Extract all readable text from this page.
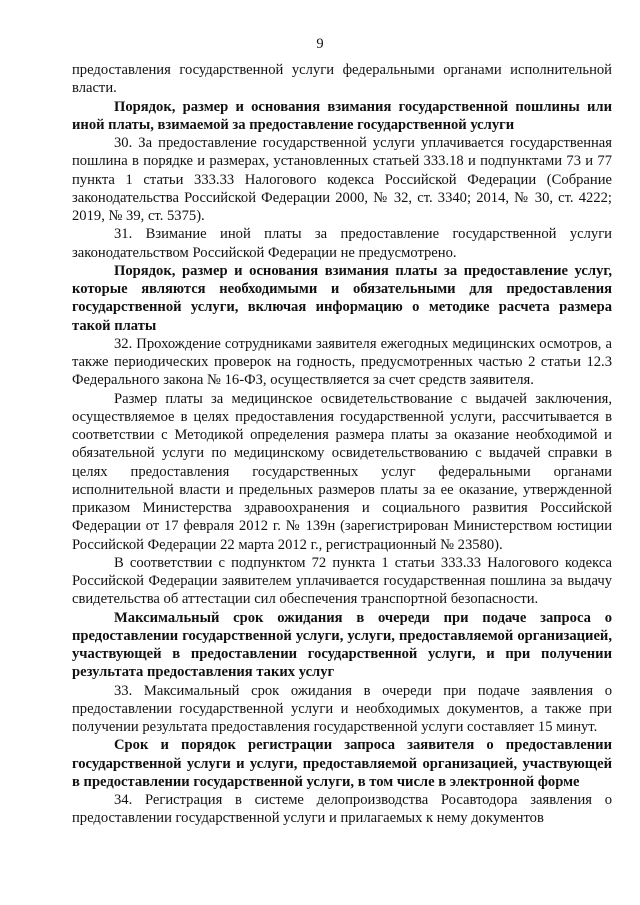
9

предоставления государственной услуги федеральными органами исполнительной власти.

Порядок, размер и основания взимания государственной пошлины или иной платы, взимаемой за предоставление государственной услуги

30. За предоставление государственной услуги уплачивается государственная пошлина в порядке и размерах, установленных статьей 333.18 и подпунктами 73 и 77 пункта 1 статьи 333.33 Налогового кодекса Российской Федерации (Собрание законодательства Российской Федерации 2000, № 32, ст. 3340; 2014, № 30, ст. 4222; 2019, № 39, ст. 5375).

31. Взимание иной платы за предоставление государственной услуги законодательством Российской Федерации не предусмотрено.

Порядок, размер и основания взимания платы за предоставление услуг, которые являются необходимыми и обязательными для предоставления государственной услуги, включая информацию о методике расчета размера такой платы

32. Прохождение сотрудниками заявителя ежегодных медицинских осмотров, а также периодических проверок на годность, предусмотренных частью 2 статьи 12.3 Федерального закона № 16-ФЗ, осуществляется за счет средств заявителя.

Размер платы за медицинское освидетельствование с выдачей заключения, осуществляемое в целях предоставления государственной услуги, рассчитывается в соответствии с Методикой определения размера платы за оказание необходимой и обязательной услуги по медицинскому освидетельствованию с выдачей справки в целях предоставления государственных услуг федеральными органами исполнительной власти и предельных размеров платы за ее оказание, утвержденной приказом Министерства здравоохранения и социального развития Российской Федерации от 17 февраля 2012 г. № 139н (зарегистрирован Министерством юстиции Российской Федерации 22 марта 2012 г., регистрационный № 23580).

В соответствии с подпунктом 72 пункта 1 статьи 333.33 Налогового кодекса Российской Федерации заявителем уплачивается государственная пошлина за выдачу свидетельства об аттестации сил обеспечения транспортной безопасности.

Максимальный срок ожидания в очереди при подаче запроса о предоставлении государственной услуги, услуги, предоставляемой организацией, участвующей в предоставлении государственной услуги, и при получении результата предоставления таких услуг

33. Максимальный срок ожидания в очереди при подаче заявления о предоставлении государственной услуги и необходимых документов, а также при получении результата предоставления государственной услуги составляет 15 минут.

Срок и порядок регистрации запроса заявителя о предоставлении государственной услуги и услуги, предоставляемой организацией, участвующей в предоставлении государственной услуги, в том числе в электронной форме

34. Регистрация в системе делопроизводства Росавтодора заявления о предоставлении государственной услуги и прилагаемых к нему документов
